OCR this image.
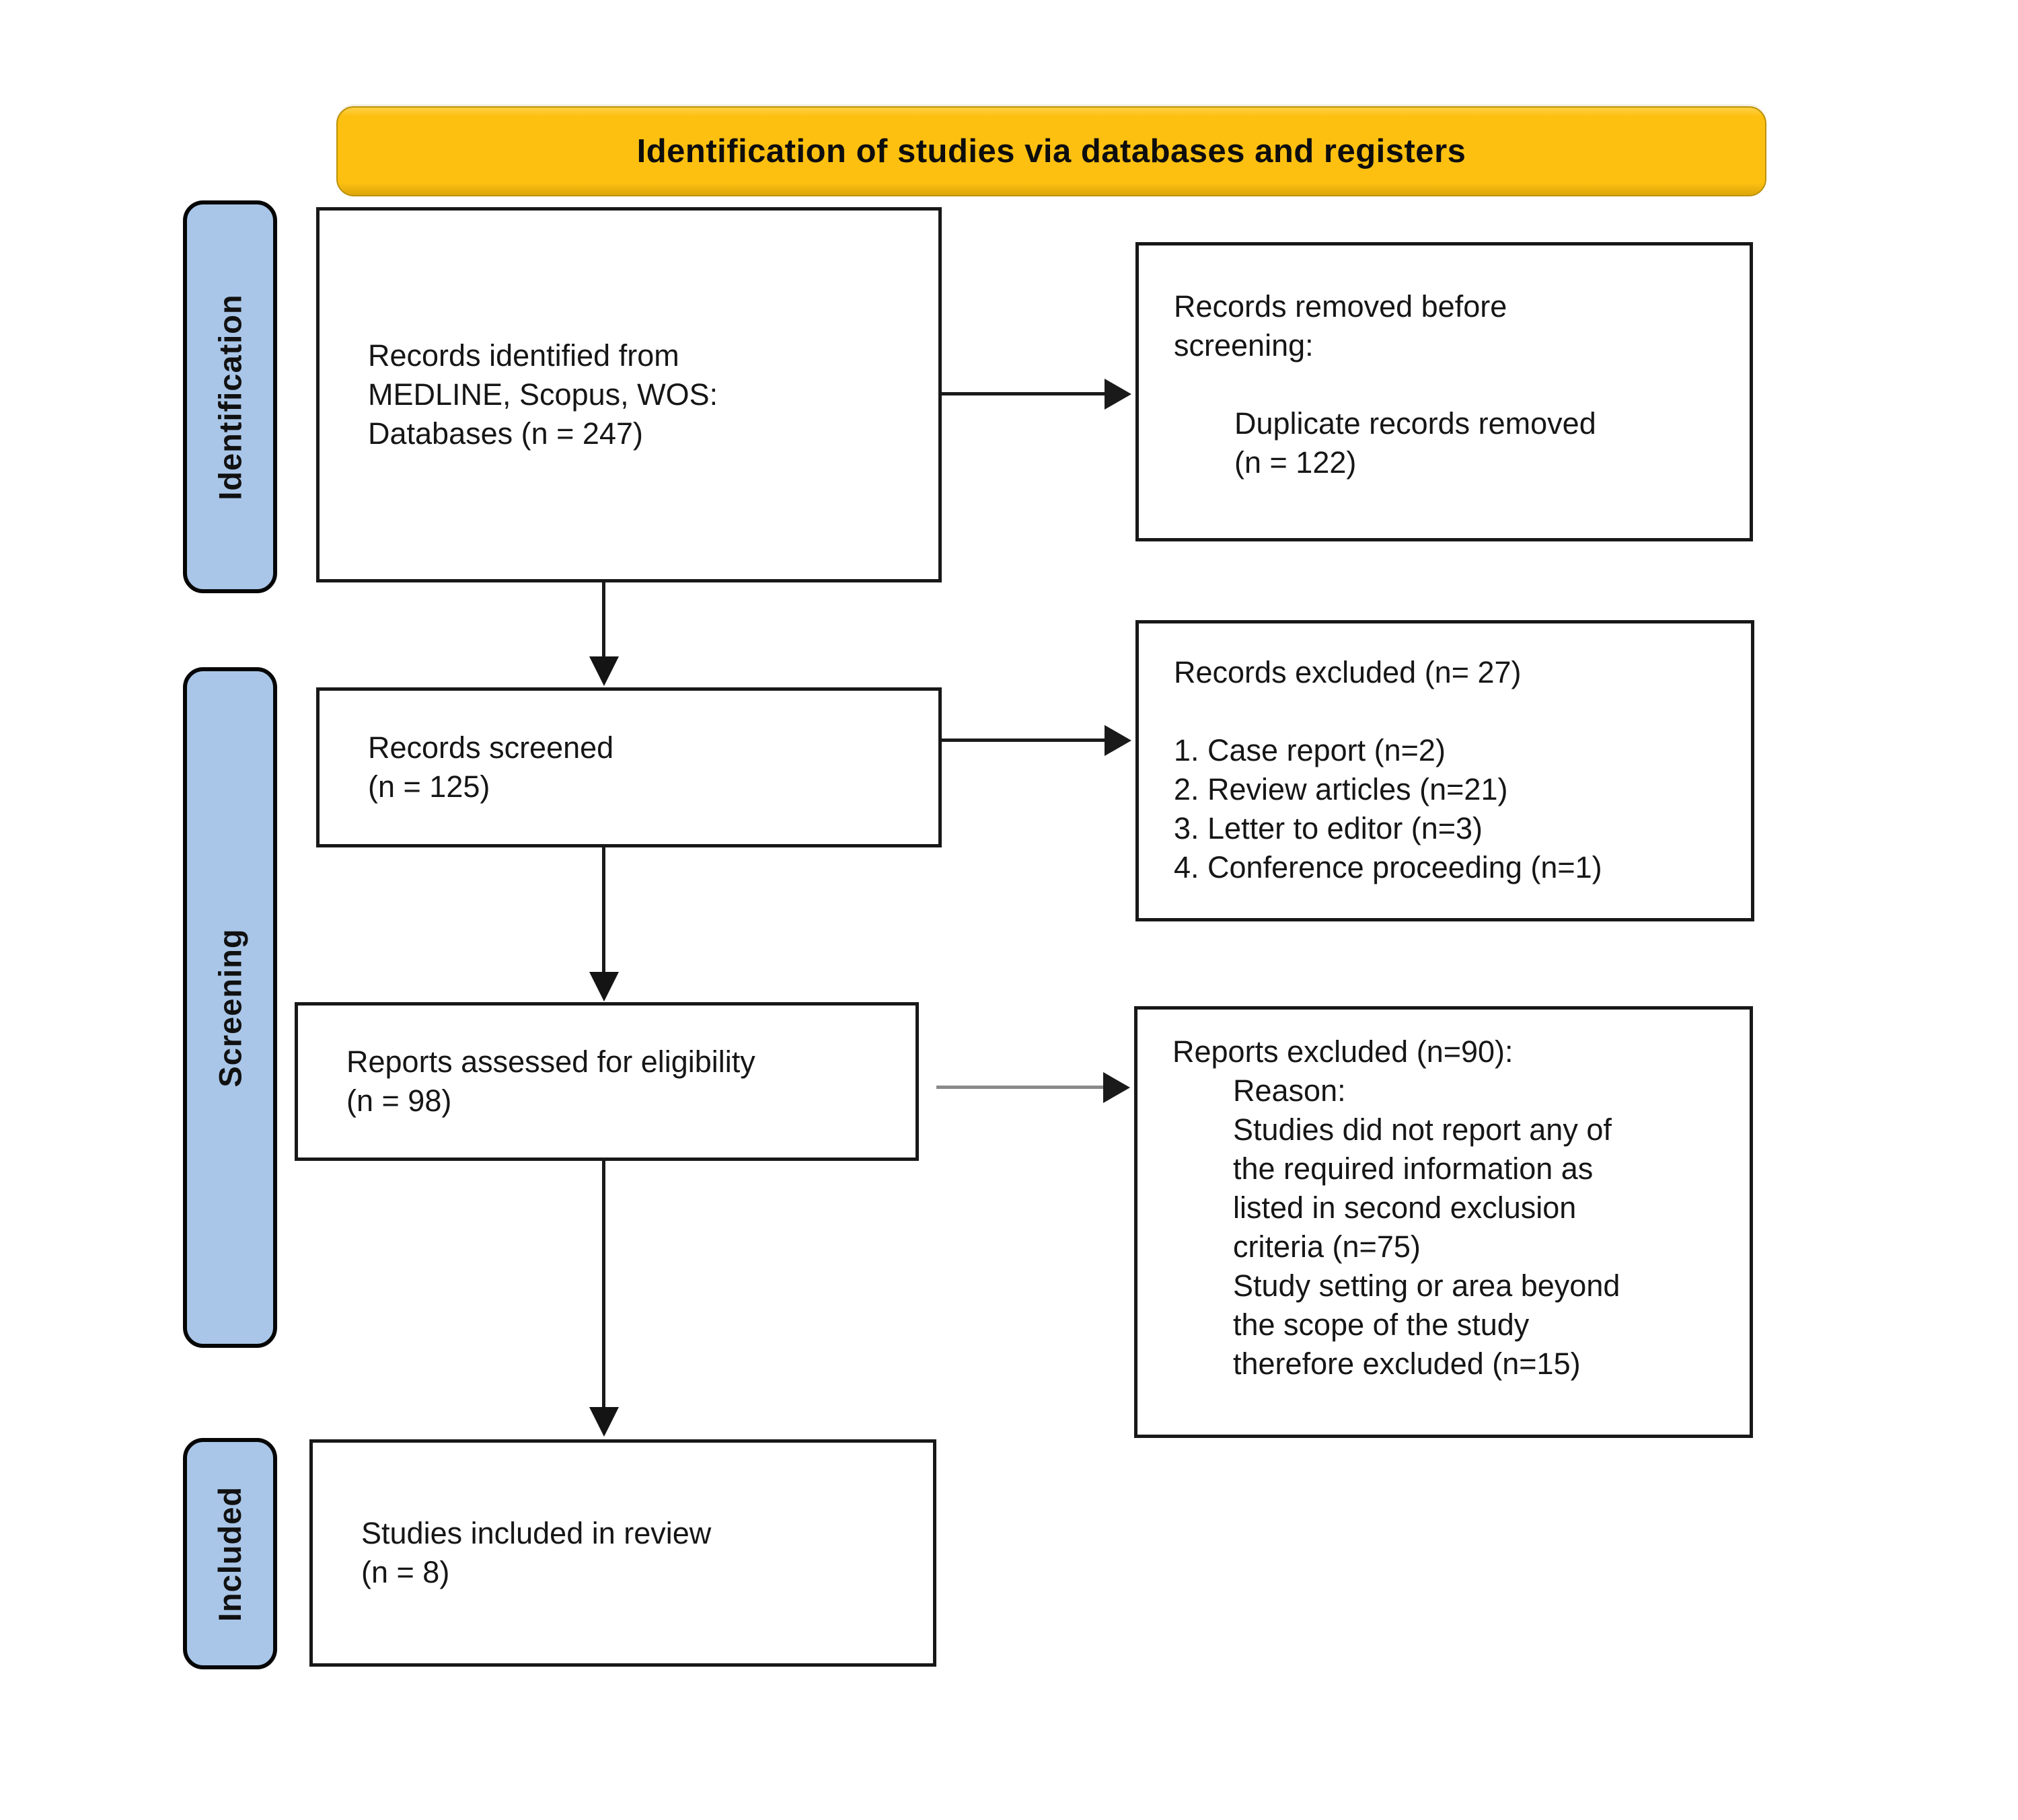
Identification of studies via databases and registers
Identification
Screening
Included
Records identified from
MEDLINE, Scopus, WOS:
Databases (n = 247)
Records removed before
screening:
Duplicate records removed
(n = 122)
Records screened
(n = 125)
Records excluded (n= 27)
1. Case report (n=2)
2. Review articles (n=21)
3. Letter to editor (n=3)
4. Conference proceeding (n=1)
Reports assessed for eligibility
(n = 98)
Reports excluded (n=90):
Reason:
Studies did not report any of
the required information as
listed in second exclusion
criteria (n=75)
Study setting or area beyond
the scope of the study
therefore excluded (n=15)
Studies included in review
(n = 8)
